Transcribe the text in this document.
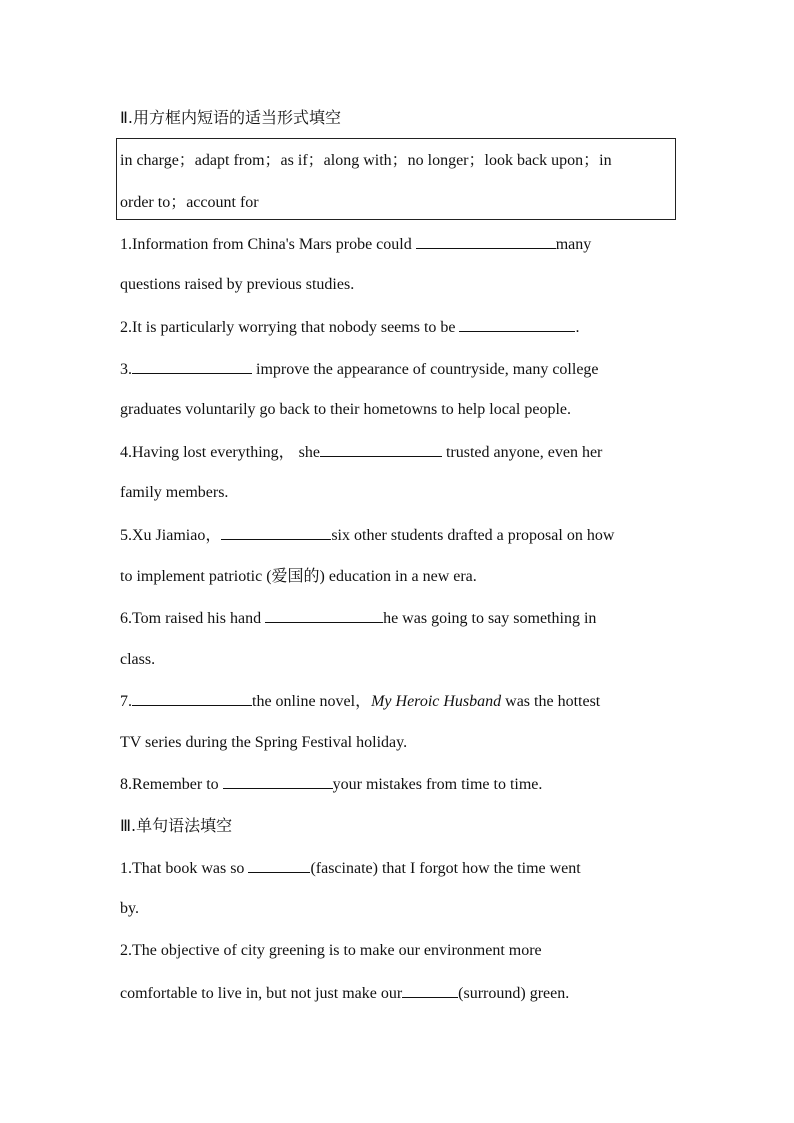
Ⅱ.用方框内短语的适当形式填空
in charge；adapt from；as if；along with；no longer；look back upon；in
order to；account for
1.Information from China's Mars probe could	many
questions raised by previous studies.
2.It is particularly worrying that nobody seems to be	.
3.	improve the appearance of countryside, many college
graduates voluntarily go back to their hometowns to help local people.
4.Having lost everything， she	trusted anyone, even her
family members.
5.Xu Jiamiao，	six other students drafted a proposal on how
to implement patriotic (爱国的) education in a new era.
6.Tom raised his hand	he was going to say something in
class.
7.	the online novel，My Heroic Husband was the hottest
TV series during the Spring Festival holiday.
8.Remember to	your mistakes from time to time.
Ⅲ.单句语法填空
1.That book was so	(fascinate) that I forgot how the time went
by.
2.The objective of city greening is to make our environment more
comfortable to live in, but not just make our	(surround) green.
